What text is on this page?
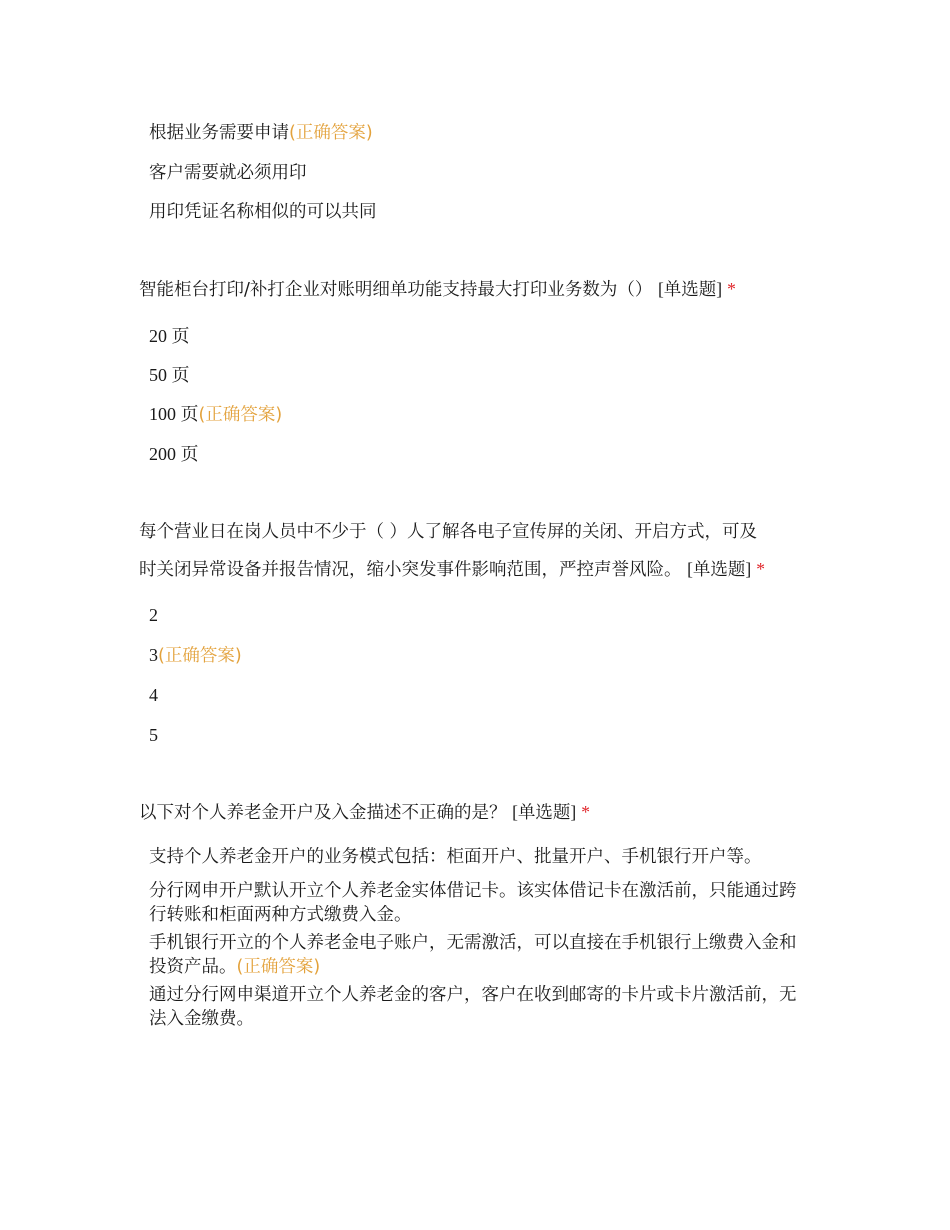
根据业务需要申请(正确答案)
客户需要就必须用印
用印凭证名称相似的可以共同
智能柜台打印/补打企业对账明细单功能支持最大打印业务数为（） [单选题] *
20 页
50 页
100 页(正确答案)
200 页
每个营业日在岗人员中不少于（ ）人了解各电子宣传屏的关闭、开启方式，可及
时关闭异常设备并报告情况，缩小突发事件影响范围，严控声誉风险。 [单选题] *
2
3(正确答案)
4
5
以下对个人养老金开户及入金描述不正确的是？ [单选题] *
支持个人养老金开户的业务模式包括：柜面开户、批量开户、手机银行开户等。
分行网申开户默认开立个人养老金实体借记卡。该实体借记卡在激活前，只能通过跨行转账和柜面两种方式缴费入金。
手机银行开立的个人养老金电子账户，无需激活，可以直接在手机银行上缴费入金和投资产品。(正确答案)
通过分行网申渠道开立个人养老金的客户，客户在收到邮寄的卡片或卡片激活前，无法入金缴费。
